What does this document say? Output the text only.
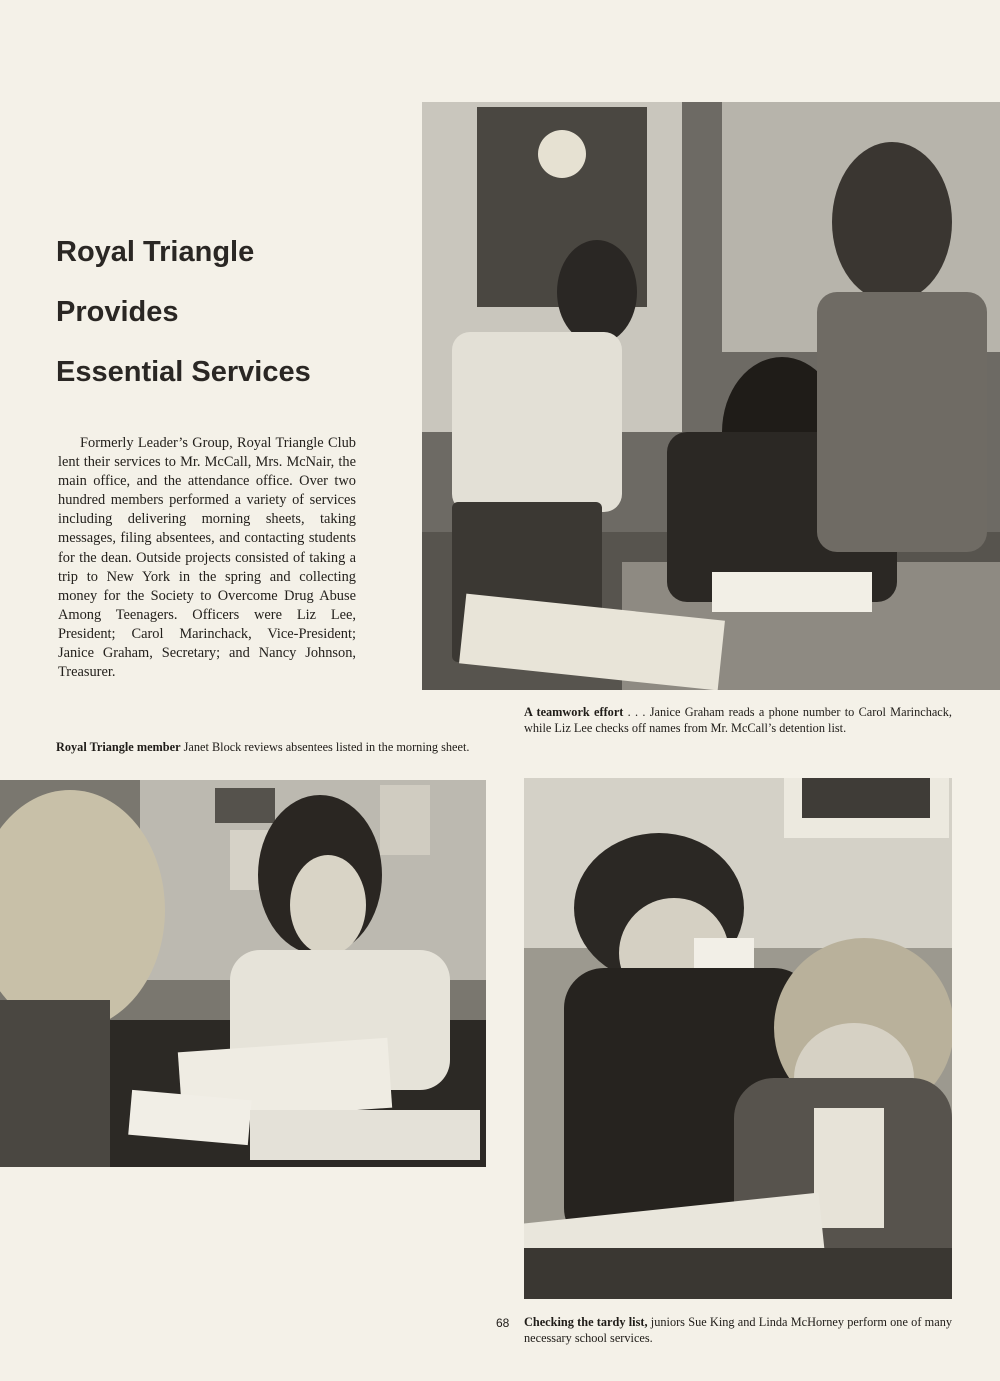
Royal Triangle
Provides
Essential Services

Formerly Leader’s Group, Royal Triangle Club lent their services to Mr. McCall, Mrs. McNair, the main office, and the attendance office. Over two hundred members performed a variety of services including delivering morning sheets, taking messages, filing absentees, and contacting students for the dean. Outside projects consisted of taking a trip to New York in the spring and collecting money for the Society to Overcome Drug Abuse Among Teenagers. Officers were Liz Lee, President; Carol Marinchack, Vice-President; Janice Graham, Secretary; and Nancy Johnson, Treasurer.

A teamwork effort . . . Janice Graham reads a phone number to Carol Marinchack, while Liz Lee checks off names from Mr. McCall’s detention list.

Royal Triangle member Janet Block reviews absentees listed in the morning sheet.

68 Checking the tardy list, juniors Sue King and Linda McHorney perform one of many necessary school services.
